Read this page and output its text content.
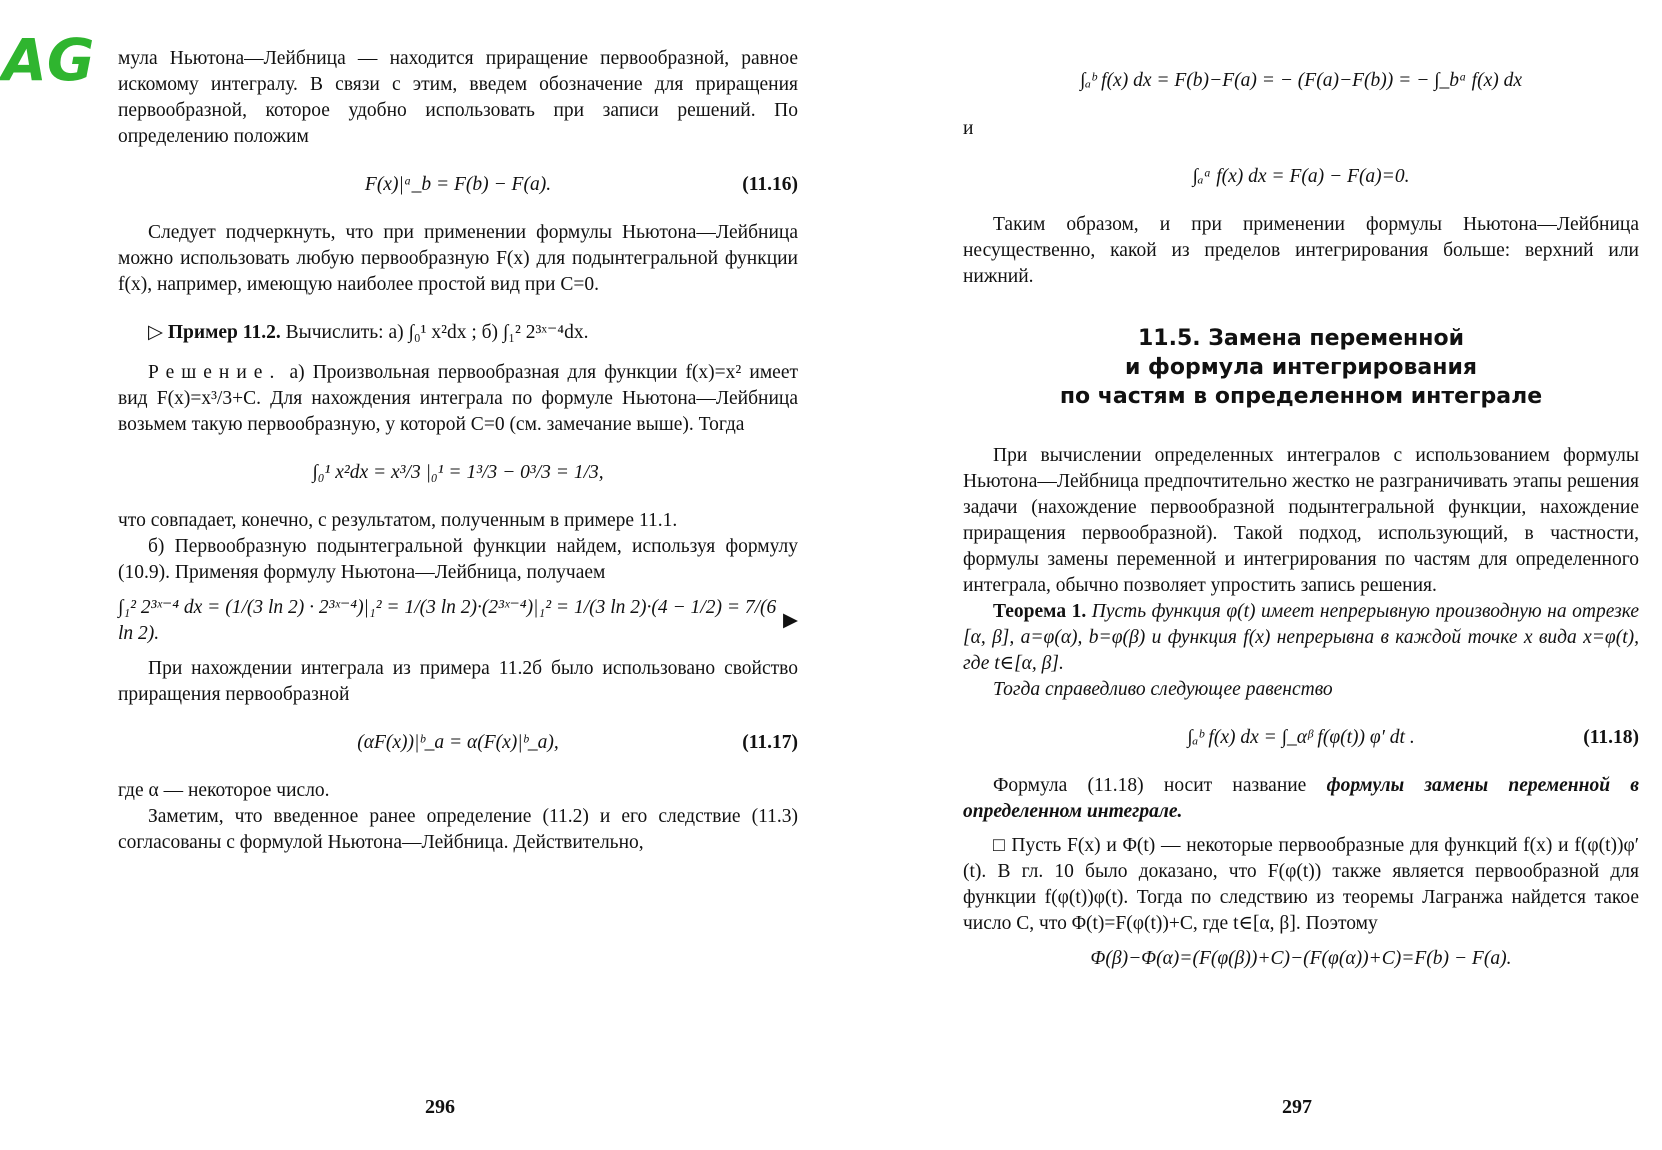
AG мула Ньютона—Лейбница — находится приращение первообразной, равное искомому интегралу. В связи с этим, введем обозначение для приращения первообразной, которое удобно использовать при записи решений. По определению положим

F(x)|ᵃ_b = F(b) − F(a).	(11.16)

Следует подчеркнуть, что при применении формулы Ньютона—Лейбница можно использовать любую первообразную F(x) для подынтегральной функции f(x), например, имеющую наиболее простой вид при C=0.

▷ Пример 11.2. Вычислить: а) ∫₀¹ x²dx ; б) ∫₁² 2³ˣ⁻⁴dx.

Решение. а) Произвольная первообразная для функции f(x)=x² имеет вид F(x)=x³/3+C. Для нахождения интеграла по формуле Ньютона—Лейбница возьмем такую первообразную, у которой C=0 (см. замечание выше). Тогда

∫₀¹ x²dx = x³/3 |₀¹ = 1³/3 − 0³/3 = 1/3,

что совпадает, конечно, с результатом, полученным в примере 11.1.

б) Первообразную подынтегральной функции найдем, используя формулу (10.9). Применяя формулу Ньютона—Лейбница, получаем

∫₁² 2³ˣ⁻⁴ dx = (1/(3 ln 2) · 2³ˣ⁻⁴)|₁² = 1/(3 ln 2)·(2³ˣ⁻⁴)|₁² = 1/(3 ln 2)·(4 − 1/2) = 7/(6 ln 2).
▶

При нахождении интеграла из примера 11.2б было использовано свойство приращения первообразной

(αF(x))|ᵇ_a = α(F(x)|ᵇ_a),	(11.17)

где α — некоторое число.

Заметим, что введенное ранее определение (11.2) и его следствие (11.3) согласованы с формулой Ньютона—Лейбница. Действительно,

296
∫ₐᵇ f(x) dx = F(b)−F(a) = − (F(a)−F(b)) = − ∫_bᵃ f(x) dx

и

∫ₐᵃ f(x) dx = F(a) − F(a)=0.

Таким образом, и при применении формулы Ньютона—Лейбница несущественно, какой из пределов интегрирования больше: верхний или нижний.

11.5. Замена переменной
и формула интегрирования
по частям в определенном интеграле

При вычислении определенных интегралов с использованием формулы Ньютона—Лейбница предпочтительно жестко не разграничивать этапы решения задачи (нахождение первообразной подынтегральной функции, нахождение приращения первообразной). Такой подход, использующий, в частности, формулы замены переменной и интегрирования по частям для определенного интеграла, обычно позволяет упростить запись решения.

Теорема 1. Пусть функция φ(t) имеет непрерывную производную на отрезке [α, β], a=φ(α), b=φ(β) и функция f(x) непрерывна в каждой точке x вида x=φ(t), где t∈[α, β].

Тогда справедливо следующее равенство

∫ₐᵇ f(x) dx = ∫_αᵝ f(φ(t)) φ′ dt .	(11.18)

Формула (11.18) носит название формулы замены переменной в определенном интеграле.

□ Пусть F(x) и Φ(t) — некоторые первообразные для функций f(x) и f(φ(t))φ′(t). В гл. 10 было доказано, что F(φ(t)) также является первообразной для функции f(φ(t))φ(t). Тогда по следствию из теоремы Лагранжа найдется такое число C, что Φ(t)=F(φ(t))+C, где t∈[α, β]. Поэтому

Φ(β)−Φ(α)=(F(φ(β))+C)−(F(φ(α))+C)=F(b) − F(a).
297
